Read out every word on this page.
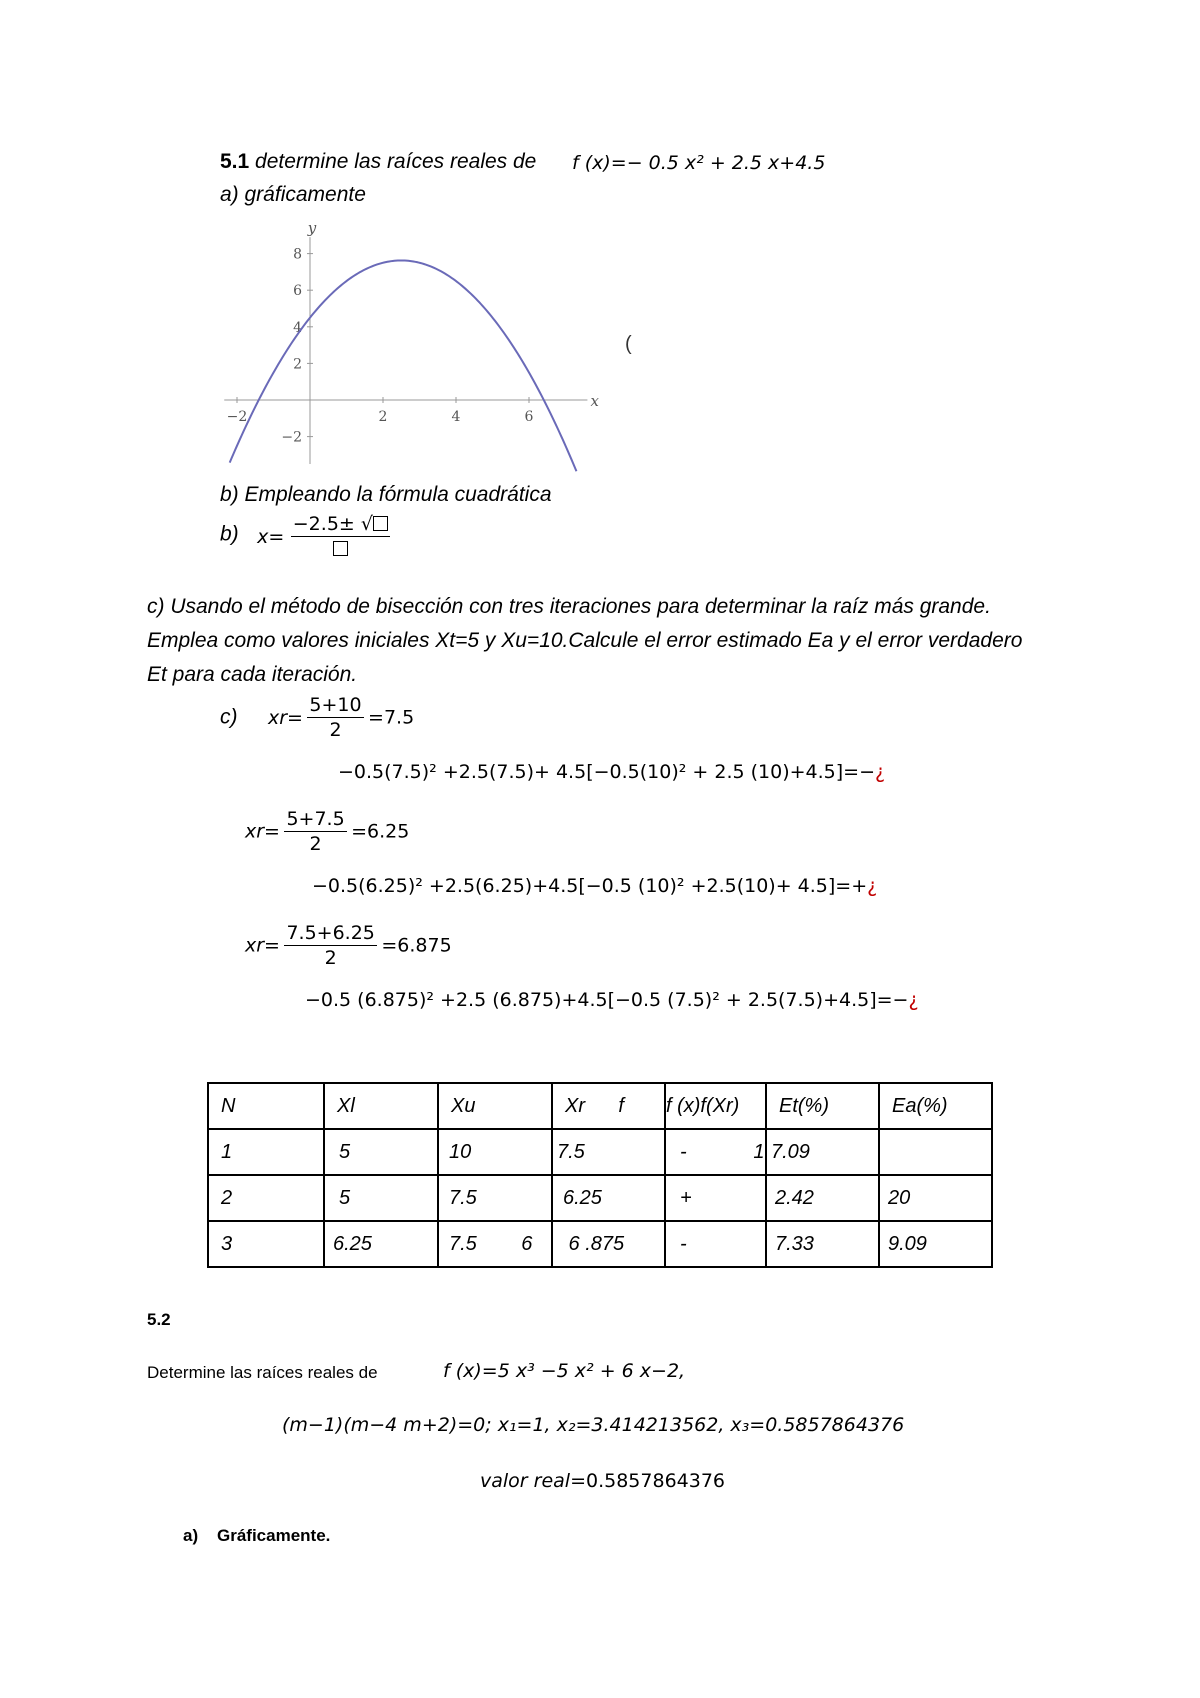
5.1 determine las raíces reales de f (x)=− 0.5 x² + 2.5 x+4.5
a) gráficamente
8
6
4
2
−2
−2	2	4	6
y
x
(
b) Empleando la fórmula cuadrática
b) x=
−2.5± √
c) Usando el método de bisección con tres iteraciones para determinar la raíz más grande.
Emplea como valores iniciales Xt=5 y Xu=10.Calcule el error estimado Ea y el error verdadero
Et para cada iteración.
c) $xr= \frac{5+10}{2} =7.5$
−0.5(7.5)² +2.5(7.5)+ 4.5[−0.5(10)² + 2.5 (10)+4.5]=−¿
$xr= \frac{5+7.5}{2} =6.25$
−0.5(6.25)² +2.5(6.25)+4.5[−0.5 (10)² +2.5(10)+ 4.5]=+¿
$xr= \frac{7.5+6.25}{2} =6.875$
−0.5 (6.875)² +2.5 (6.875)+4.5[−0.5 (7.5)² + 2.5(7.5)+4.5]=−¿
N	Xl	Xu	Xr      f	f (x)f(Xr)	Et(%)	Ea(%)
1	5	10	7.5	-            1	7.09	
2	5	7.5	6.25	+	2.42	20
3	6.25	7.5        6	6 .875	-	7.33	9.09
5.2
Determine las raíces reales de	f (x)=5 x³ −5 x² + 6 x−2,
(m−1)(m−4 m+2)=0; x₁=1, x₂=3.414213562, x₃=0.5857864376
valor real=0.5857864376
a)    Gráficamente.
